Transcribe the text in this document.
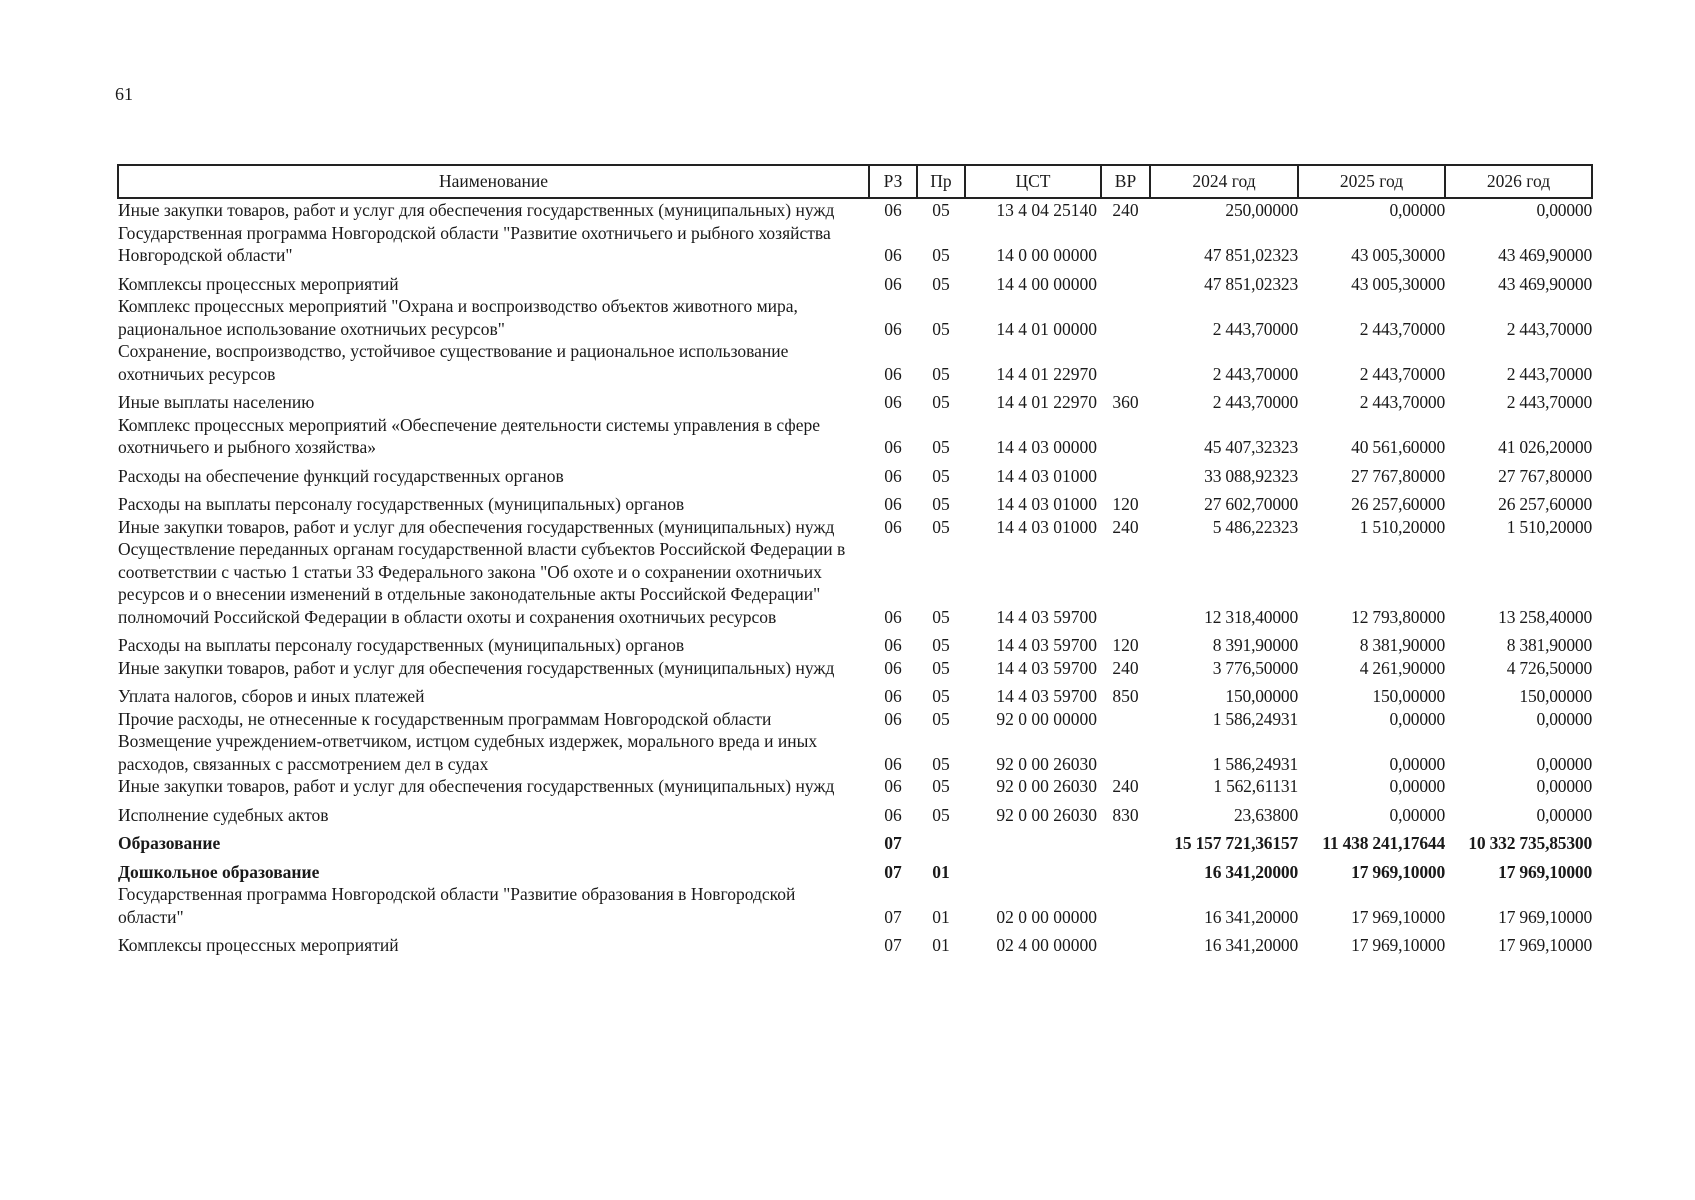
61
Наименование	РЗ	Пр	ЦСТ	ВР	2024 год	2025 год	2026 год
Иные закупки товаров, работ и услуг для обеспечения государственных (муниципальных) нужд	06	05	13 4 04 25140	240	250,00000	0,00000	0,00000
Государственная программа Новгородской области "Развитие охотничьего и рыбного хозяйства Новгородской области"	06	05	14 0 00 00000		47 851,02323	43 005,30000	43 469,90000
Комплексы процессных мероприятий	06	05	14 4 00 00000		47 851,02323	43 005,30000	43 469,90000
Комплекс процессных мероприятий "Охрана и воспроизводство объектов животного мира, рациональное использование охотничьих ресурсов"	06	05	14 4 01 00000		2 443,70000	2 443,70000	2 443,70000
Сохранение, воспроизводство, устойчивое существование и рациональное использование охотничьих ресурсов	06	05	14 4 01 22970		2 443,70000	2 443,70000	2 443,70000
Иные выплаты населению	06	05	14 4 01 22970	360	2 443,70000	2 443,70000	2 443,70000
Комплекс процессных мероприятий «Обеспечение деятельности системы управления в сфере охотничьего и рыбного хозяйства»	06	05	14 4 03 00000		45 407,32323	40 561,60000	41 026,20000
Расходы на обеспечение функций государственных органов	06	05	14 4 03 01000		33 088,92323	27 767,80000	27 767,80000
Расходы на выплаты персоналу государственных (муниципальных) органов	06	05	14 4 03 01000	120	27 602,70000	26 257,60000	26 257,60000
Иные закупки товаров, работ и услуг для обеспечения государственных (муниципальных) нужд	06	05	14 4 03 01000	240	5 486,22323	1 510,20000	1 510,20000
Осуществление переданных органам государственной власти субъектов Российской Федерации в соответствии с частью 1 статьи 33 Федерального закона "Об охоте и о сохранении охотничьих ресурсов и о внесении изменений в отдельные законодательные акты Российской Федерации" полномочий Российской Федерации в области охоты и сохранения охотничьих ресурсов	06	05	14 4 03 59700		12 318,40000	12 793,80000	13 258,40000
Расходы на выплаты персоналу государственных (муниципальных) органов	06	05	14 4 03 59700	120	8 391,90000	8 381,90000	8 381,90000
Иные закупки товаров, работ и услуг для обеспечения государственных (муниципальных) нужд	06	05	14 4 03 59700	240	3 776,50000	4 261,90000	4 726,50000
Уплата налогов, сборов и иных платежей	06	05	14 4 03 59700	850	150,00000	150,00000	150,00000
Прочие расходы, не отнесенные к государственным программам Новгородской области	06	05	92 0 00 00000		1 586,24931	0,00000	0,00000
Возмещение учреждением-ответчиком, истцом судебных издержек, морального вреда и иных расходов, связанных с рассмотрением дел в судах	06	05	92 0 00 26030		1 586,24931	0,00000	0,00000
Иные закупки товаров, работ и услуг для обеспечения государственных (муниципальных) нужд	06	05	92 0 00 26030	240	1 562,61131	0,00000	0,00000
Исполнение судебных актов	06	05	92 0 00 26030	830	23,63800	0,00000	0,00000
Образование	07				15 157 721,36157	11 438 241,17644	10 332 735,85300
Дошкольное образование	07	01			16 341,20000	17 969,10000	17 969,10000
Государственная программа Новгородской области "Развитие образования в Новгородской области"	07	01	02 0 00 00000		16 341,20000	17 969,10000	17 969,10000
Комплексы процессных мероприятий	07	01	02 4 00 00000		16 341,20000	17 969,10000	17 969,10000
